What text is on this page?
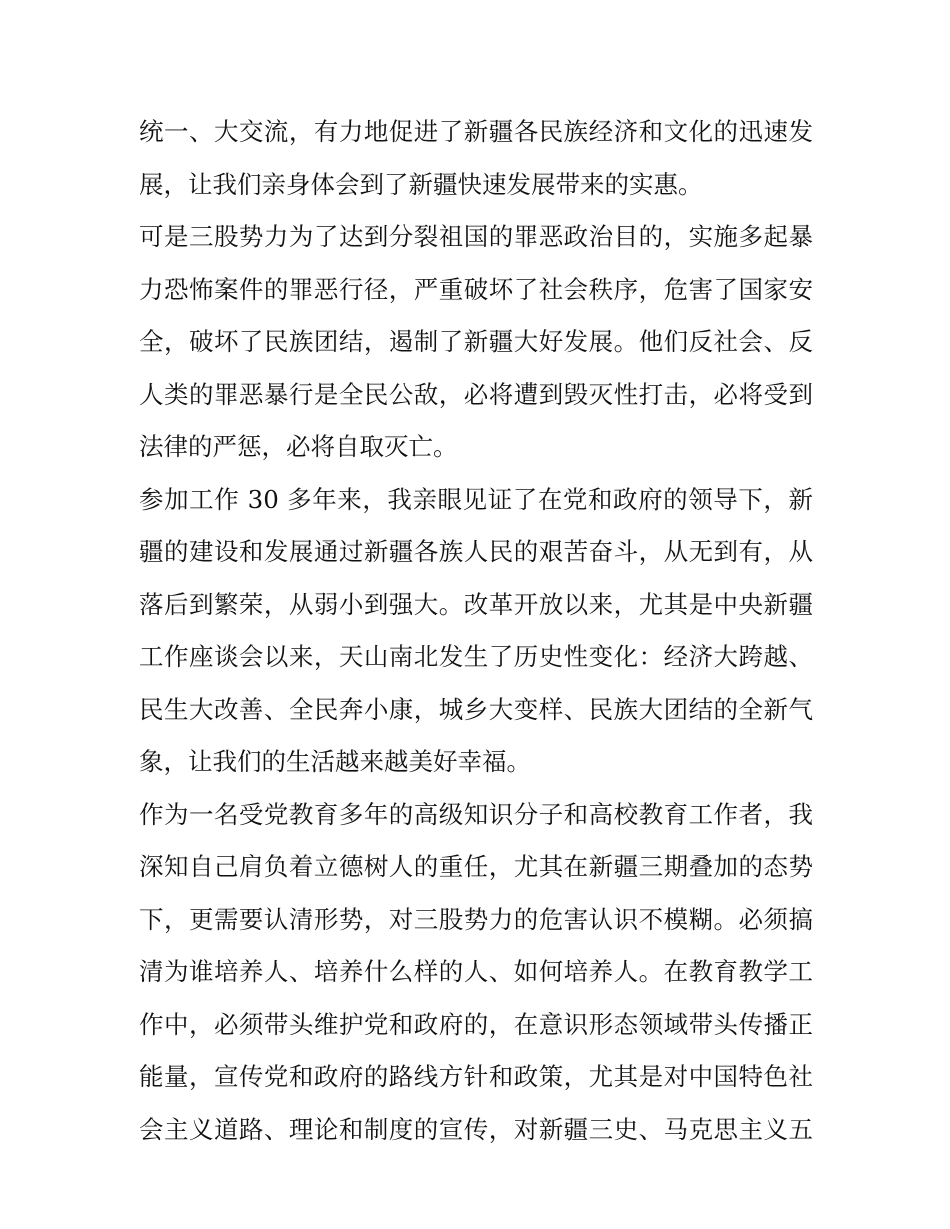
统一、大交流，有力地促进了新疆各民族经济和文化的迅速发
展，让我们亲身体会到了新疆快速发展带来的实惠。
可是三股势力为了达到分裂祖国的罪恶政治目的，实施多起暴
力恐怖案件的罪恶行径，严重破坏了社会秩序，危害了国家安
全，破坏了民族团结，遏制了新疆大好发展。他们反社会、反
人类的罪恶暴行是全民公敌，必将遭到毁灭性打击，必将受到
法律的严惩，必将自取灭亡。
参加工作 30 多年来，我亲眼见证了在党和政府的领导下，新
疆的建设和发展通过新疆各族人民的艰苦奋斗，从无到有，从
落后到繁荣，从弱小到强大。改革开放以来，尤其是中央新疆
工作座谈会以来，天山南北发生了历史性变化：经济大跨越、
民生大改善、全民奔小康，城乡大变样、民族大团结的全新气
象，让我们的生活越来越美好幸福。
作为一名受党教育多年的高级知识分子和高校教育工作者，我
深知自己肩负着立德树人的重任，尤其在新疆三期叠加的态势
下，更需要认清形势，对三股势力的危害认识不模糊。必须搞
清为谁培养人、培养什么样的人、如何培养人。在教育教学工
作中，必须带头维护党和政府的，在意识形态领域带头传播正
能量，宣传党和政府的路线方针和政策，尤其是对中国特色社
会主义道路、理论和制度的宣传，对新疆三史、马克思主义五
